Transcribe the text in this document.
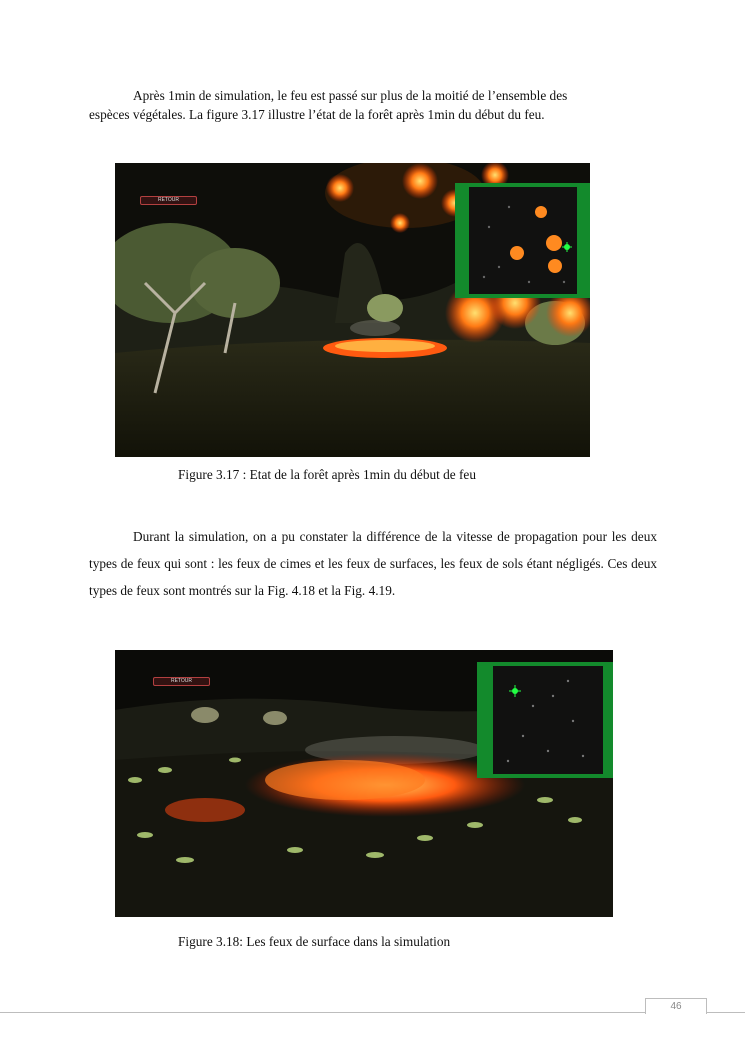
Après 1min de simulation, le feu est passé sur plus de la moitié de l’ensemble des
espèces végétales. La figure 3.17 illustre l’état de la forêt après 1min du début du feu.

RETOUR

Figure 3.17 : Etat de la forêt après 1min du début de feu

Durant la simulation, on a pu constater la différence de la vitesse de propagation pour les deux types de feux qui sont : les feux de cimes et les feux de surfaces, les feux de sols étant négligés. Ces deux types de feux sont montrés sur la Fig. 4.18 et la Fig. 4.19.

RETOUR

Figure 3.18: Les feux de surface dans la simulation

46
